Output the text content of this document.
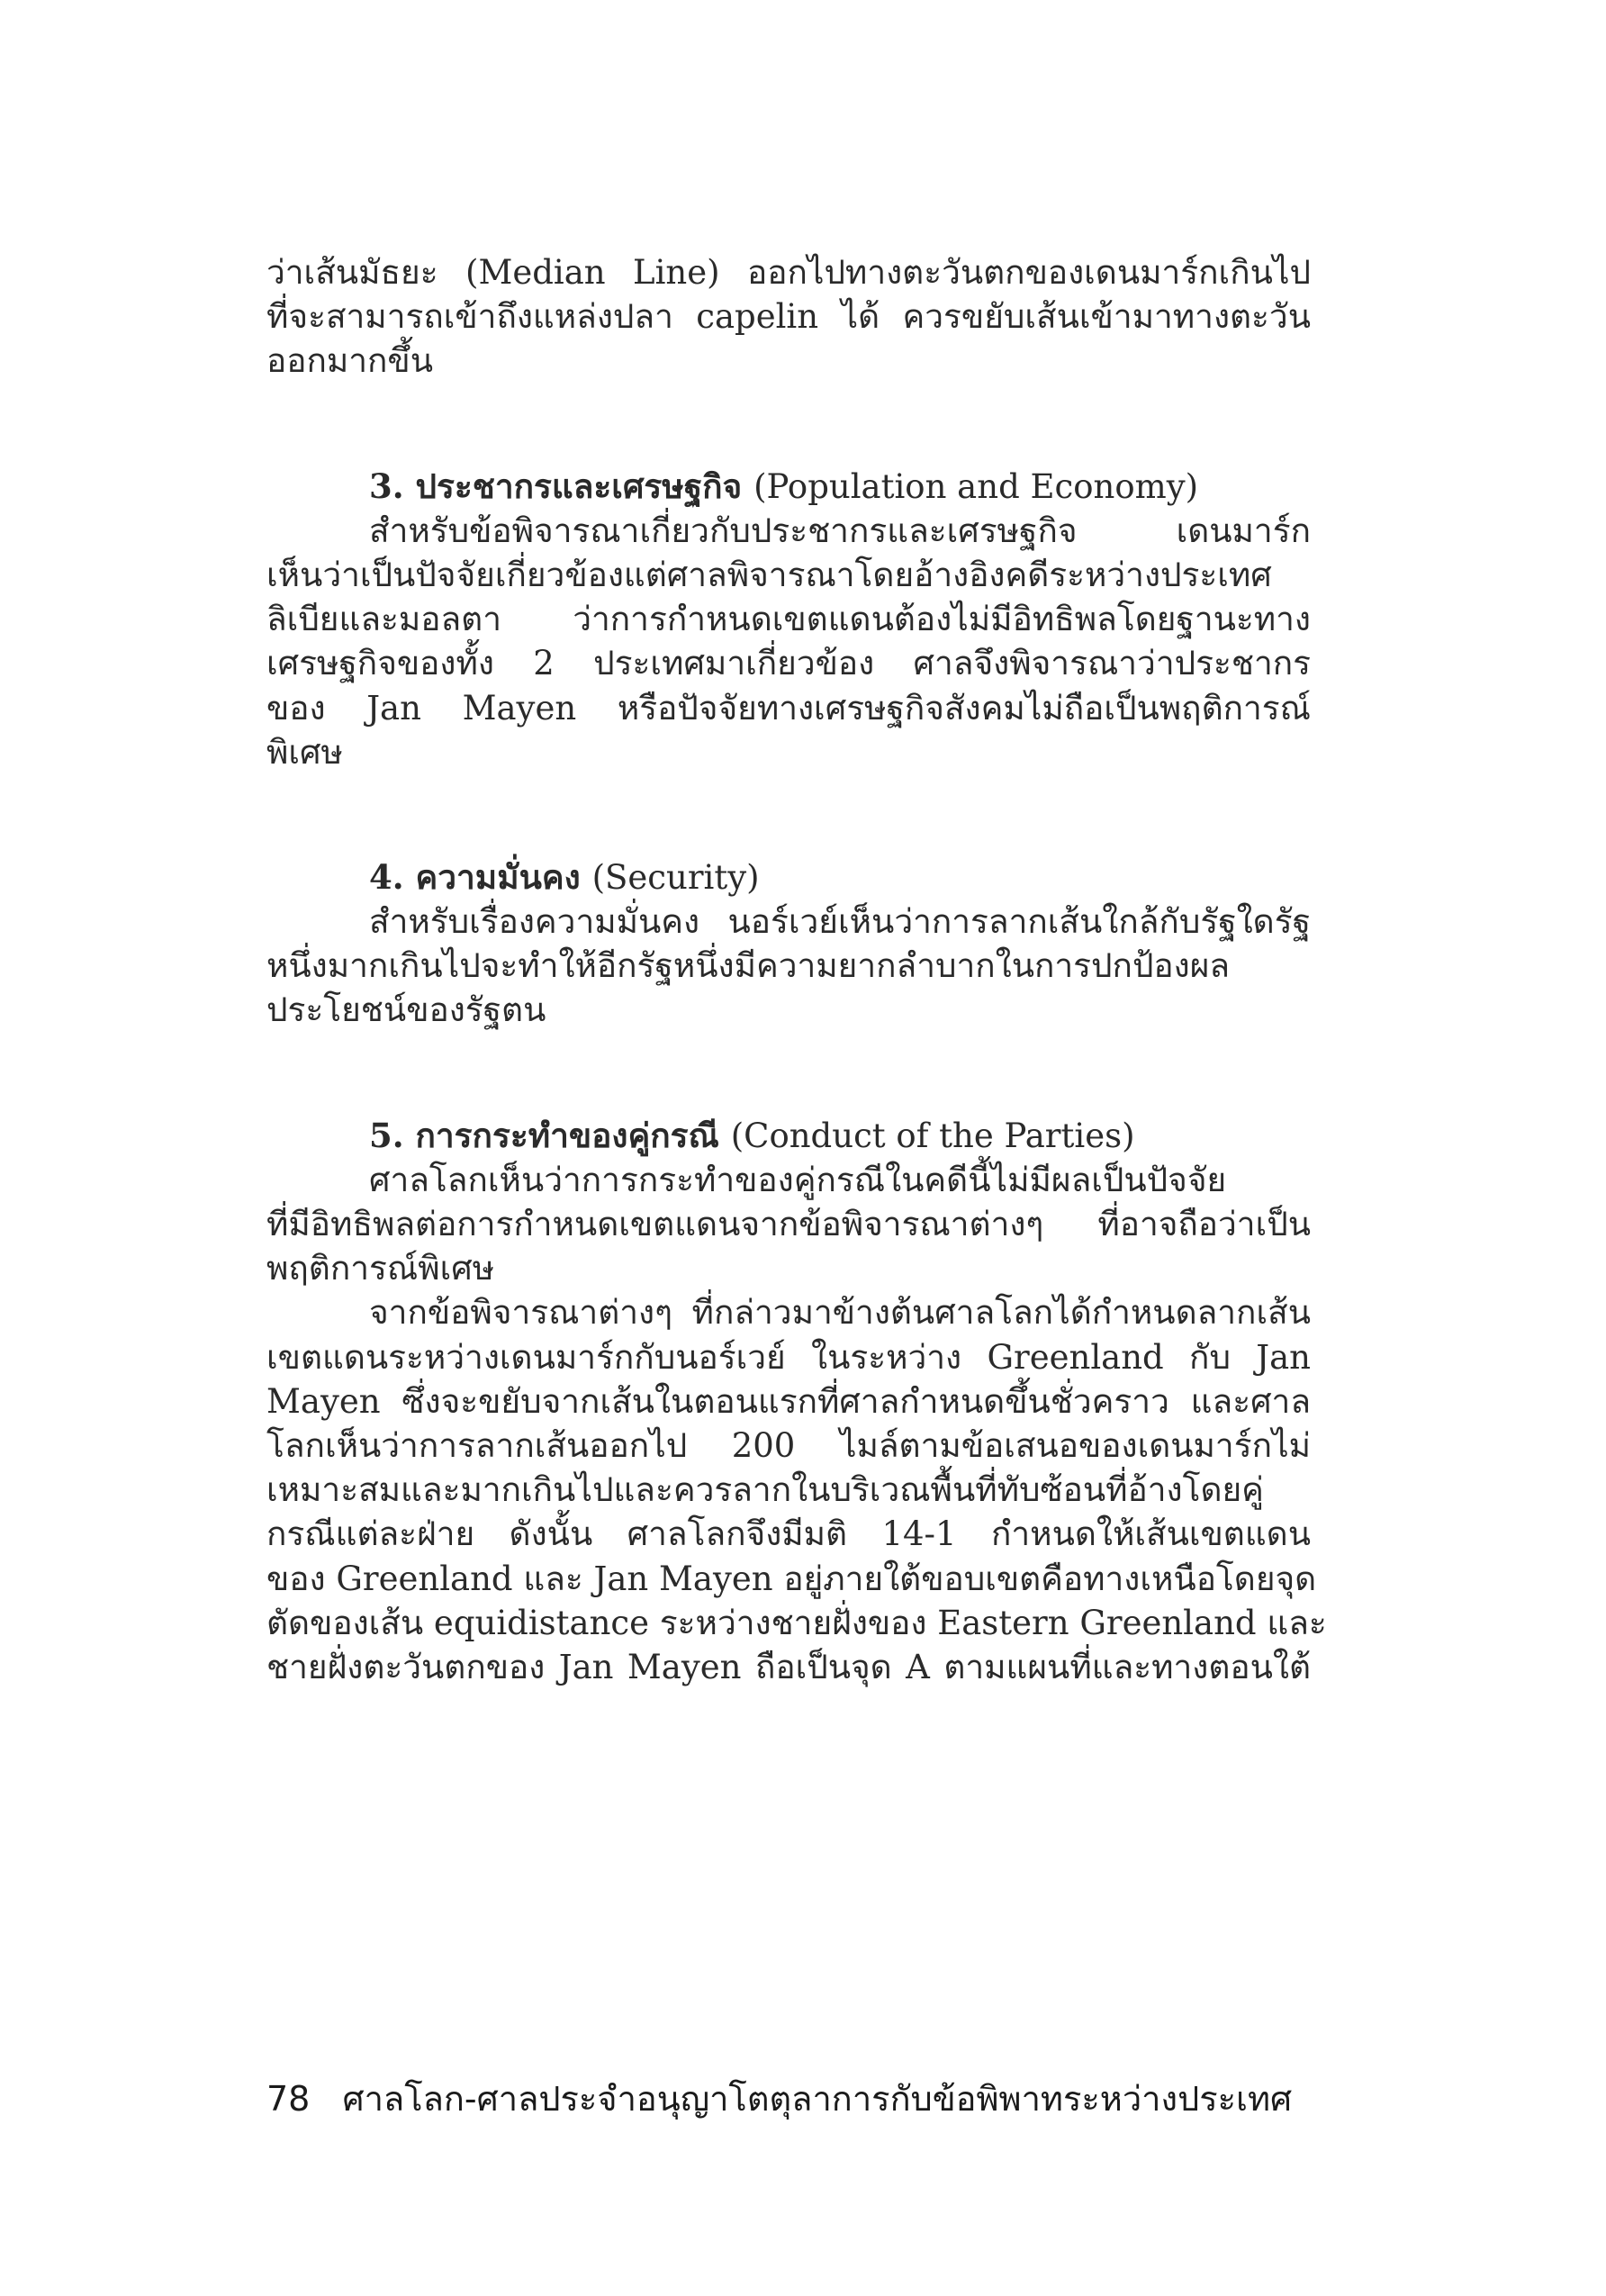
ว่าเส้นมัธยะ (Median Line) ออกไปทางตะวันตกของเดนมาร์กเกินไป
ที่จะสามารถเข้าถึงแหล่งปลา capelin ได้ ควรขยับเส้นเข้ามาทางตะวัน
ออกมากขึ้น
3. ประชากรและเศรษฐกิจ (Population and Economy)
สำหรับข้อพิจารณาเกี่ยวกับประชากรและเศรษฐกิจ เดนมาร์ก
เห็นว่าเป็นปัจจัยเกี่ยวข้องแต่ศาลพิจารณาโดยอ้างอิงคดีระหว่างประเทศ
ลิเบียและมอลตา ว่าการกำหนดเขตแดนต้องไม่มีอิทธิพลโดยฐานะทาง
เศรษฐกิจของทั้ง 2 ประเทศมาเกี่ยวข้อง ศาลจึงพิจารณาว่าประชากร
ของ Jan Mayen หรือปัจจัยทางเศรษฐกิจสังคมไม่ถือเป็นพฤติการณ์
พิเศษ
4. ความมั่นคง (Security)
สำหรับเรื่องความมั่นคง นอร์เวย์เห็นว่าการลากเส้นใกล้กับรัฐใดรัฐ
หนึ่งมากเกินไปจะทำให้อีกรัฐหนึ่งมีความยากลำบากในการปกป้องผล
ประโยชน์ของรัฐตน
5. การกระทำของคู่กรณี (Conduct of the Parties)
ศาลโลกเห็นว่าการกระทำของคู่กรณีในคดีนี้ไม่มีผลเป็นปัจจัย
ที่มีอิทธิพลต่อการกำหนดเขตแดนจากข้อพิจารณาต่างๆ ที่อาจถือว่าเป็น
พฤติการณ์พิเศษ
จากข้อพิจารณาต่างๆ ที่กล่าวมาข้างต้นศาลโลกได้กำหนดลากเส้น
เขตแดนระหว่างเดนมาร์กกับนอร์เวย์ ในระหว่าง Greenland กับ Jan
Mayen ซึ่งจะขยับจากเส้นในตอนแรกที่ศาลกำหนดขึ้นชั่วคราว และศาล
โลกเห็นว่าการลากเส้นออกไป 200 ไมล์ตามข้อเสนอของเดนมาร์กไม่
เหมาะสมและมากเกินไปและควรลากในบริเวณพื้นที่ทับซ้อนที่อ้างโดยคู่
กรณีแต่ละฝ่าย ดังนั้น ศาลโลกจึงมีมติ 14-1 กำหนดให้เส้นเขตแดน
ของ Greenland และ Jan Mayen อยู่ภายใต้ขอบเขตคือทางเหนือโดยจุด
ตัดของเส้น equidistance ระหว่างชายฝั่งของ Eastern Greenland และ
ชายฝั่งตะวันตกของ Jan Mayen ถือเป็นจุด A ตามแผนที่และทางตอนใต้
78 ศาลโลก-ศาลประจำอนุญาโตตุลาการกับข้อพิพาทระหว่างประเทศ
